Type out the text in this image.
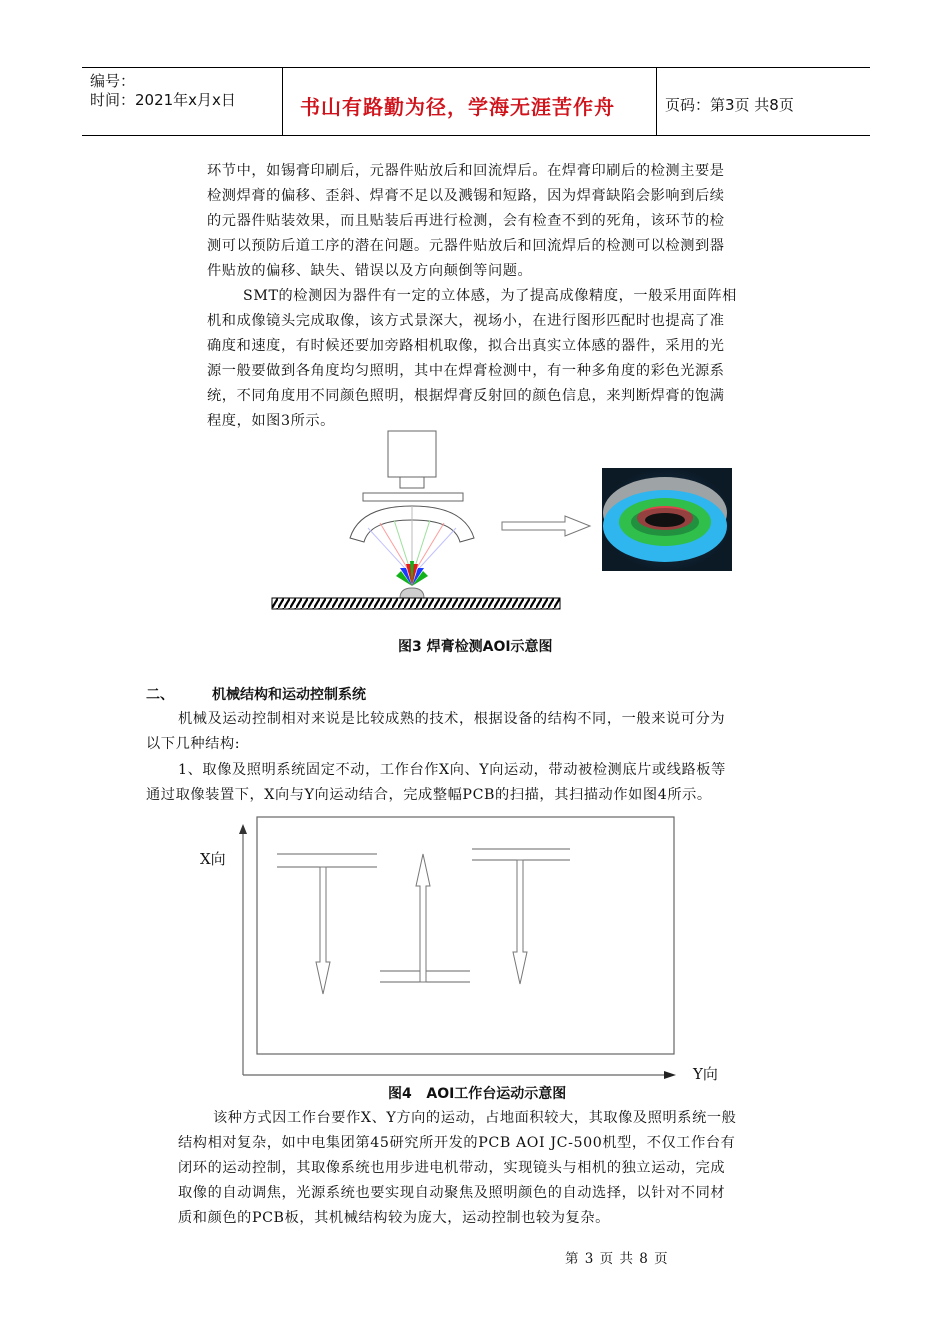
编号：
时间：2021年x月x日	书山有路勤为径，学海无涯苦作舟	页码：第3页 共8页
环节中，如锡膏印刷后，元器件贴放后和回流焊后。在焊膏印刷后的检测主要是
检测焊膏的偏移、歪斜、焊膏不足以及溅锡和短路，因为焊膏缺陷会影响到后续
的元器件贴装效果，而且贴装后再进行检测，会有检查不到的死角，该环节的检
测可以预防后道工序的潜在问题。元器件贴放后和回流焊后的检测可以检测到器
件贴放的偏移、缺失、错误以及方向颠倒等问题。
SMT的检测因为器件有一定的立体感，为了提高成像精度，一般采用面阵相
机和成像镜头完成取像，该方式景深大，视场小，在进行图形匹配时也提高了准
确度和速度，有时候还要加旁路相机取像，拟合出真实立体感的器件，采用的光
源一般要做到各角度均匀照明，其中在焊膏检测中，有一种多角度的彩色光源系
统，不同角度用不同颜色照明，根据焊膏反射回的颜色信息，来判断焊膏的饱满
程度，如图3所示。
图3 焊膏检测AOI示意图
二、	机械结构和运动控制系统
机械及运动控制相对来说是比较成熟的技术，根据设备的结构不同，一般来说可分为
以下几种结构:
1、取像及照明系统固定不动，工作台作X向、Y向运动，带动被检测底片或线路板等
通过取像装置下，X向与Y向运动结合，完成整幅PCB的扫描，其扫描动作如图4所示。
X向
Y向
图4   AOI工作台运动示意图
该种方式因工作台要作X、Y方向的运动，占地面积较大，其取像及照明系统一般
结构相对复杂，如中电集团第45研究所开发的PCB AOI JC-500机型，不仅工作台有
闭环的运动控制，其取像系统也用步进电机带动，实现镜头与相机的独立运动，完成
取像的自动调焦，光源系统也要实现自动聚焦及照明颜色的自动选择，以针对不同材
质和颜色的PCB板，其机械结构较为庞大，运动控制也较为复杂。
第 3 页 共 8 页
